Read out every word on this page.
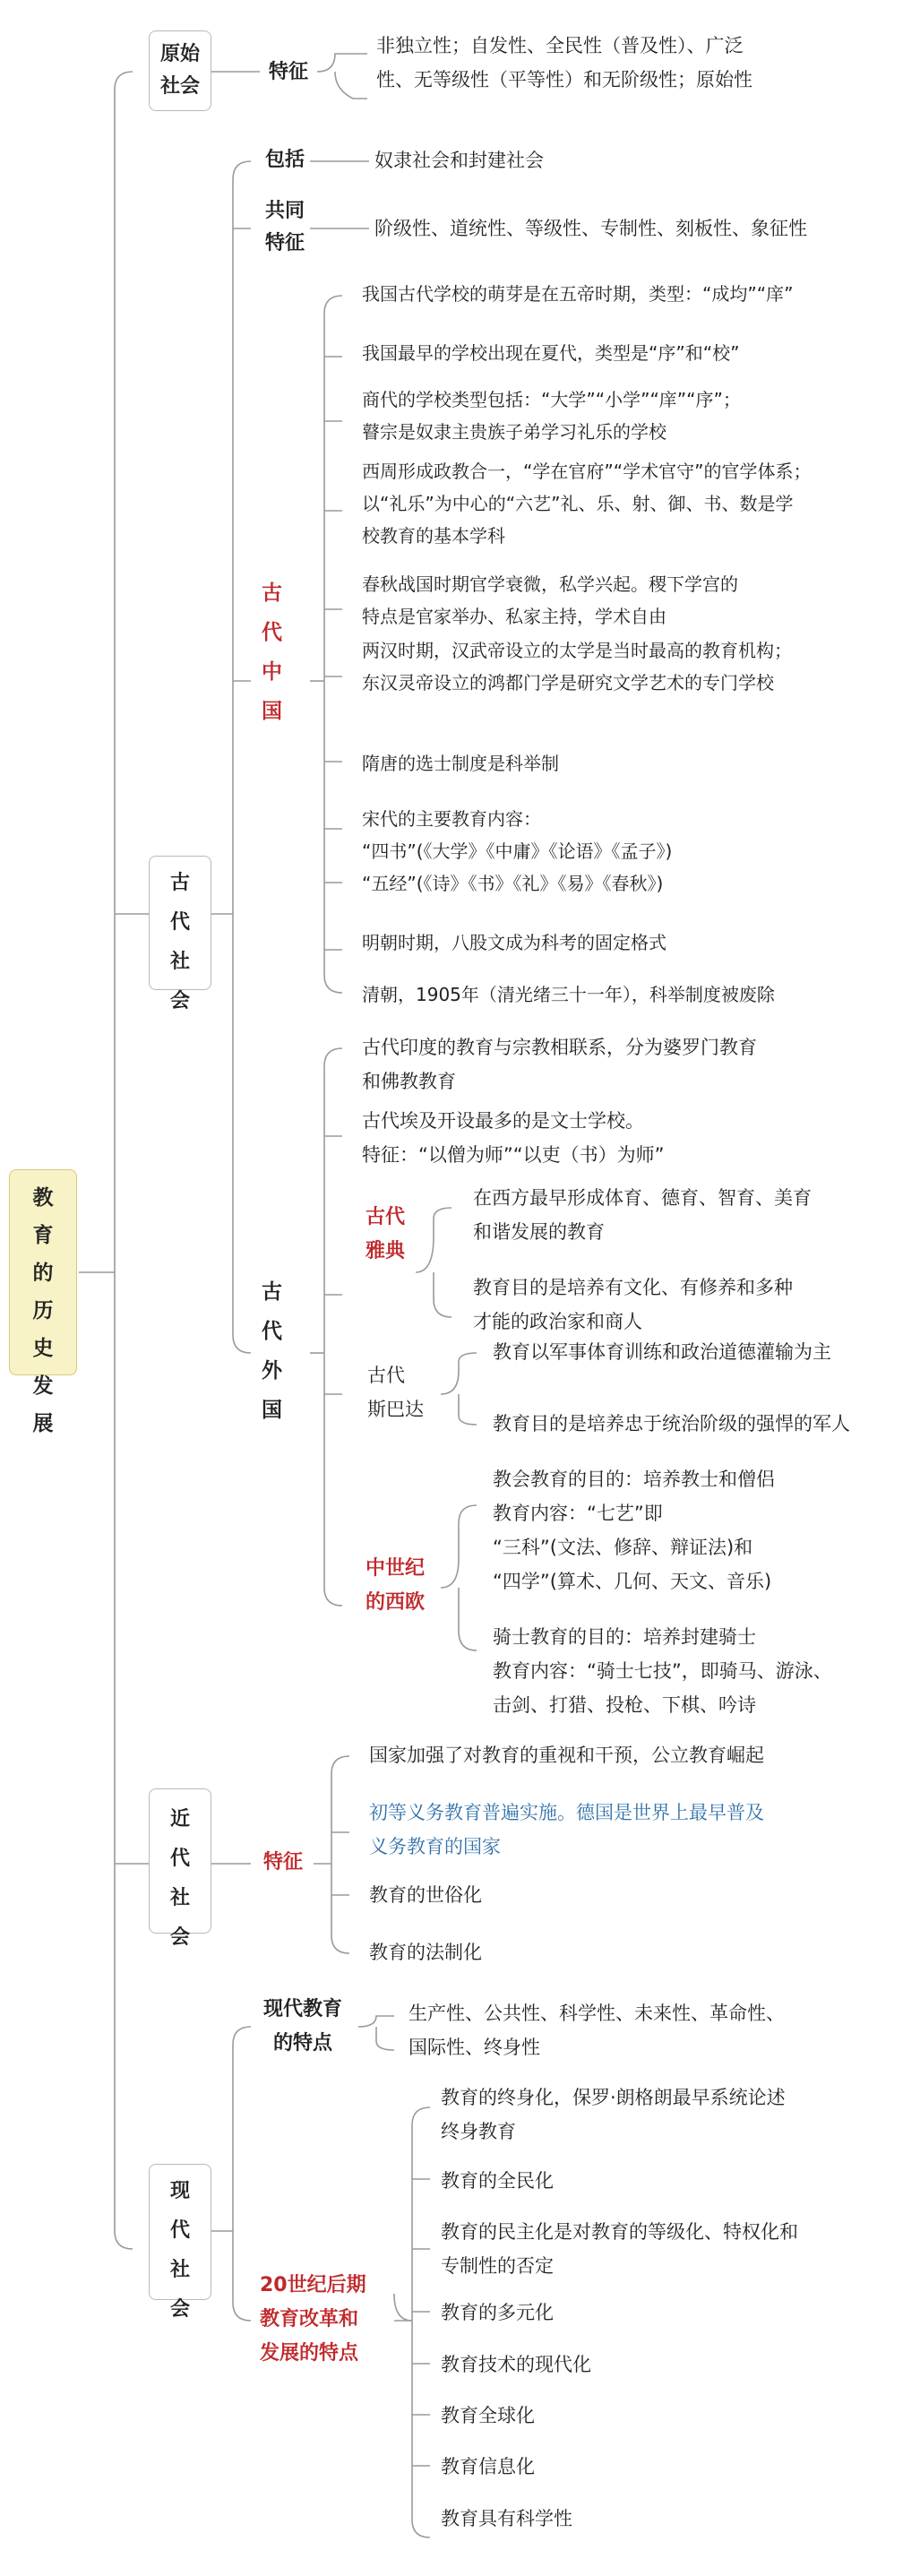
教育的历史发展
原始社会
特征
非独立性；自发性、全民性（普及性）、广泛
性、无等级性（平等性）和无阶级性；原始性
古代社会
包括	奴隶社会和封建社会
共同
特征
阶级性、道统性、等级性、专制性、刻板性、象征性
古代中国
我国古代学校的萌芽是在五帝时期，类型：“成均”“庠”
我国最早的学校出现在夏代，类型是“序”和“校”
商代的学校类型包括：“大学”“小学”“庠”“序”；
瞽宗是奴隶主贵族子弟学习礼乐的学校
西周形成政教合一，“学在官府”“学术官守”的官学体系；
以“礼乐”为中心的“六艺”礼、乐、射、御、书、数是学
校教育的基本学科
春秋战国时期官学衰微，私学兴起。稷下学宫的
特点是官家举办、私家主持，学术自由
两汉时期，汉武帝设立的太学是当时最高的教育机构；
东汉灵帝设立的鸿都门学是研究文学艺术的专门学校
隋唐的选士制度是科举制
宋代的主要教育内容：
“四书”(《大学》《中庸》《论语》《孟子》)
“五经”(《诗》《书》《礼》《易》《春秋》)
明朝时期，八股文成为科考的固定格式
清朝，1905年（清光绪三十一年），科举制度被废除
古代外国
古代印度的教育与宗教相联系，分为婆罗门教育
和佛教教育
古代埃及开设最多的是文士学校。
特征：“以僧为师”“以吏（书）为师”
古代
雅典
在西方最早形成体育、德育、智育、美育
和谐发展的教育
教育目的是培养有文化、有修养和多种
才能的政治家和商人
古代
斯巴达
教育以军事体育训练和政治道德灌输为主
教育目的是培养忠于统治阶级的强悍的军人
中世纪
的西欧
教会教育的目的：培养教士和僧侣
教育内容：“七艺”即
“三科”(文法、修辞、辩证法)和
“四学”(算术、几何、天文、音乐)
骑士教育的目的：培养封建骑士
教育内容：“骑士七技”，即骑马、游泳、
击剑、打猎、投枪、下棋、吟诗
近代社会
特征
国家加强了对教育的重视和干预，公立教育崛起
初等义务教育普遍实施。德国是世界上最早普及
义务教育的国家
教育的世俗化
教育的法制化
现代社会
现代教育
的特点
生产性、公共性、科学性、未来性、革命性、
国际性、终身性
20世纪后期
教育改革和
发展的特点
教育的终身化，保罗·朗格朗最早系统论述
终身教育
教育的全民化
教育的民主化是对教育的等级化、特权化和
专制性的否定
教育的多元化
教育技术的现代化
教育全球化
教育信息化
教育具有科学性
